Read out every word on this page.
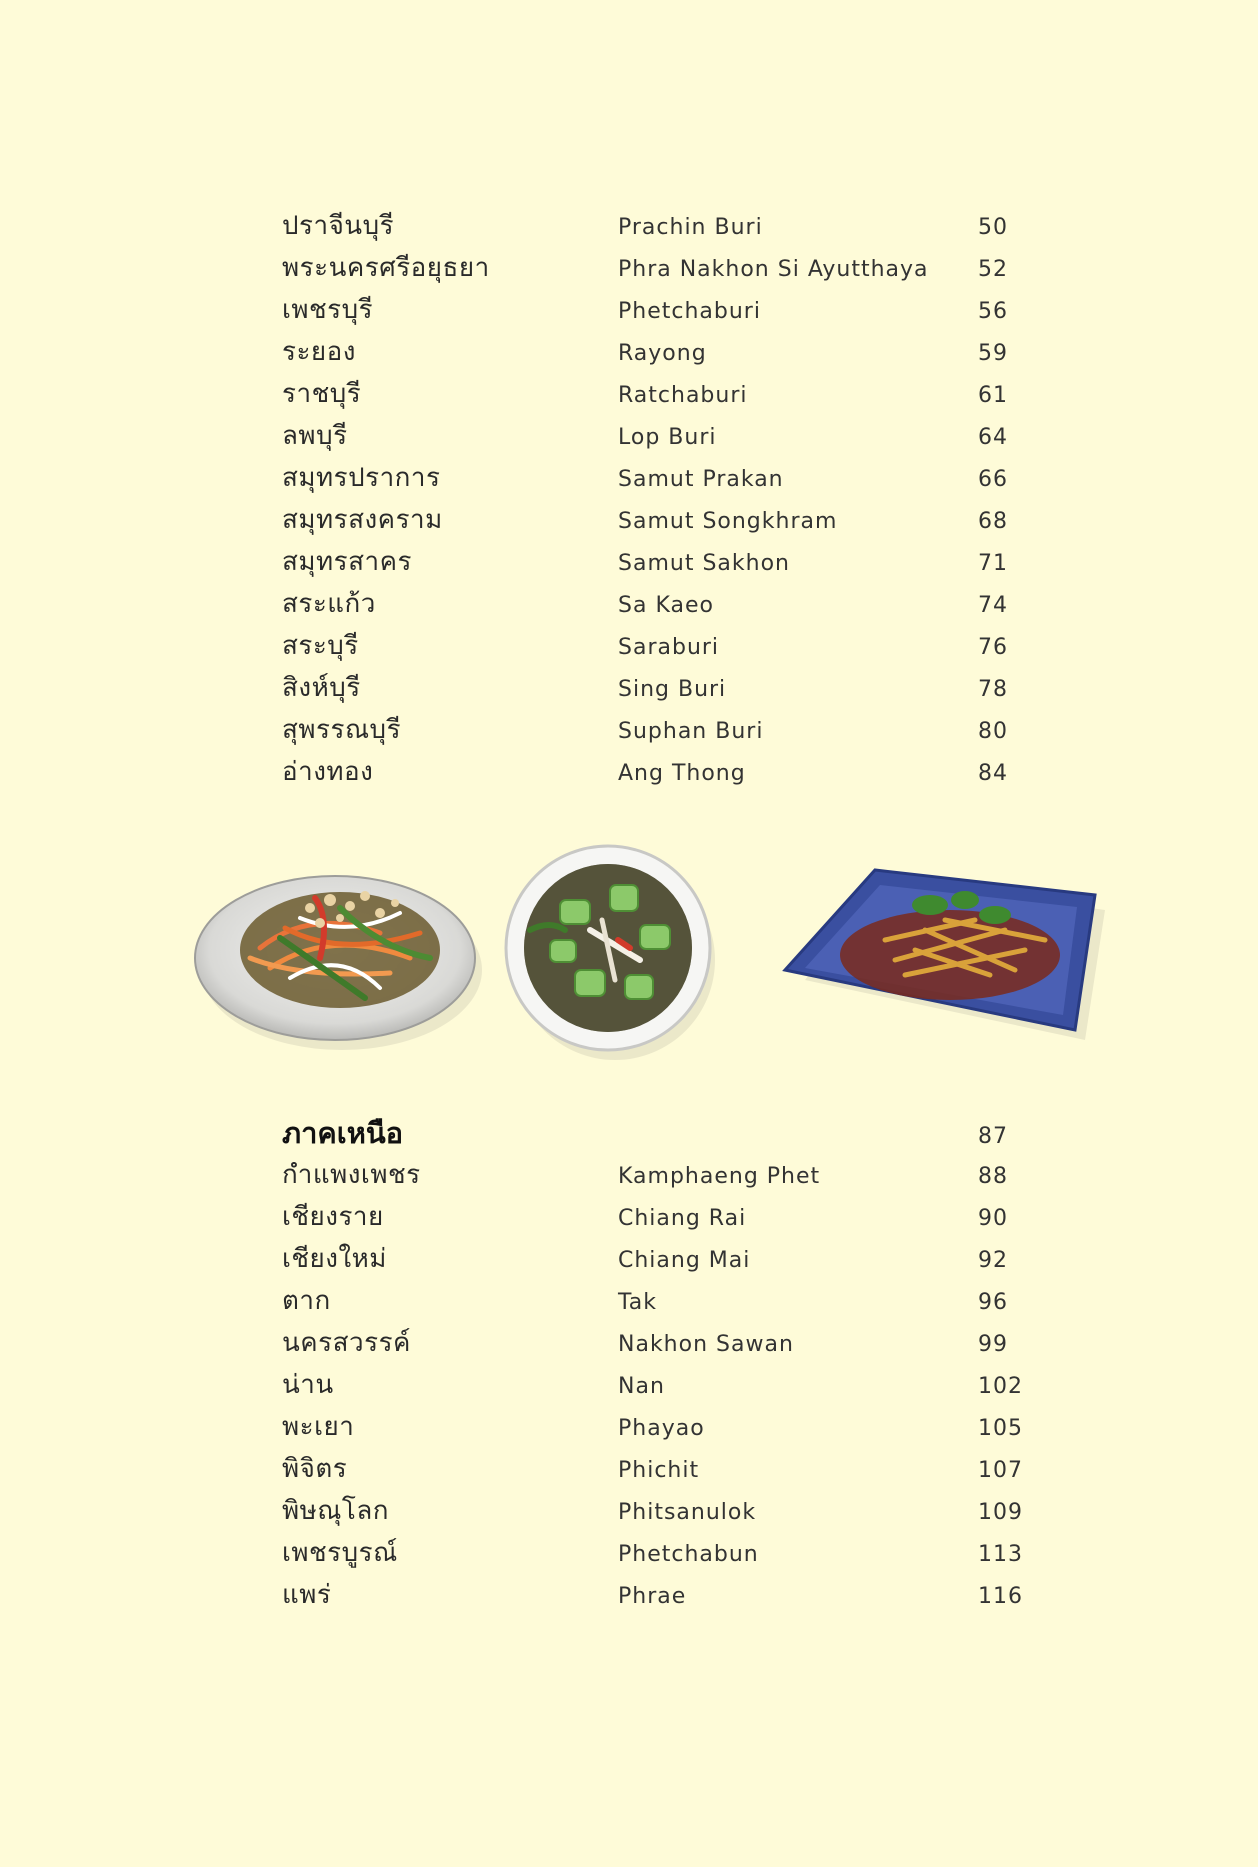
ปราจีนบุรี	Prachin Buri	50
พระนครศรีอยุธยา	Phra Nakhon Si Ayutthaya	52
เพชรบุรี	Phetchaburi	56
ระยอง	Rayong	59
ราชบุรี	Ratchaburi	61
ลพบุรี	Lop Buri	64
สมุทรปราการ	Samut Prakan	66
สมุทรสงคราม	Samut Songkhram	68
สมุทรสาคร	Samut Sakhon	71
สระแก้ว	Sa Kaeo	74
สระบุรี	Saraburi	76
สิงห์บุรี	Sing Buri	78
สุพรรณบุรี	Suphan Buri	80
อ่างทอง	Ang Thong	84
ภาคเหนือ	87
กำแพงเพชร	Kamphaeng Phet	88
เชียงราย	Chiang Rai	90
เชียงใหม่	Chiang Mai	92
ตาก	Tak	96
นครสวรรค์	Nakhon Sawan	99
น่าน	Nan	102
พะเยา	Phayao	105
พิจิตร	Phichit	107
พิษณุโลก	Phitsanulok	109
เพชรบูรณ์	Phetchabun	113
แพร่	Phrae	116
